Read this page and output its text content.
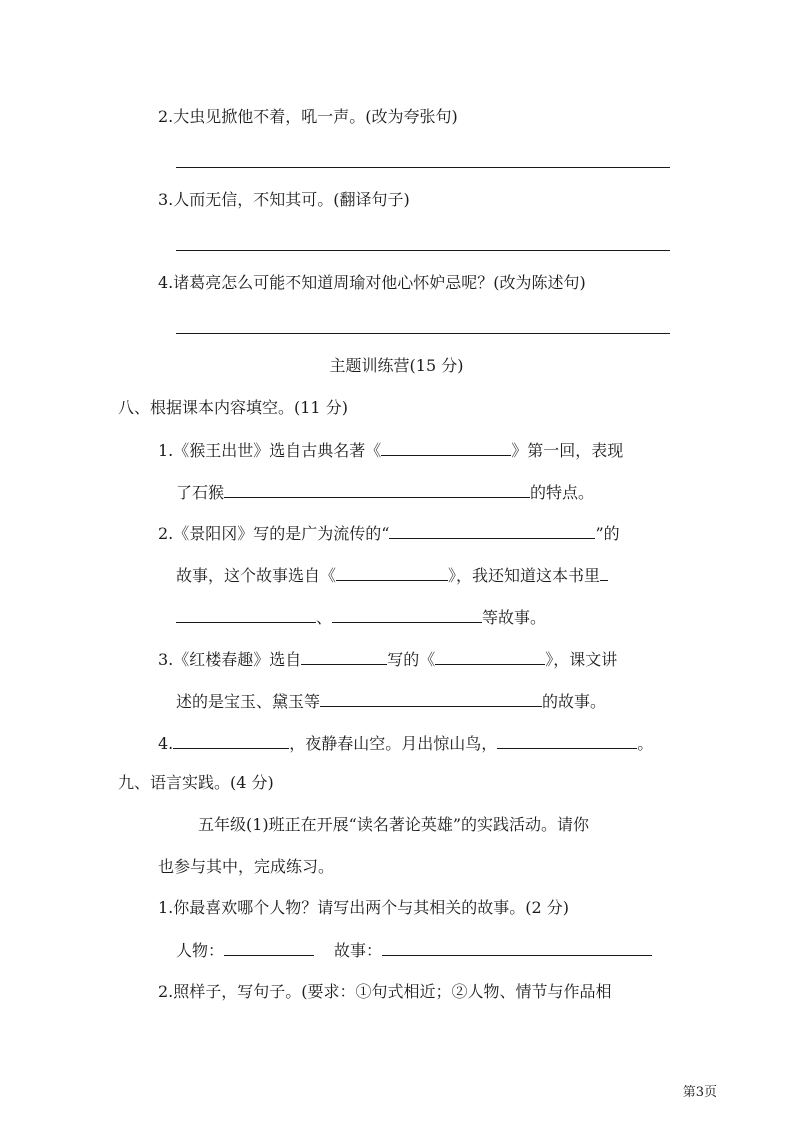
2.大虫见掀他不着，吼一声。(改为夸张句)
3.人而无信，不知其可。(翻译句子)
4.诸葛亮怎么可能不知道周瑜对他心怀妒忌呢？(改为陈述句)
主题训练营(15 分)
八、根据课本内容填空。(11 分)
1.《猴王出世》选自古典名著《	》第一回，表现
了石猴	的特点。
2.《景阳冈》写的是广为流传的“	”的
故事，这个故事选自《	》，我还知道这本书里
、	等故事。
3.《红楼春趣》选自	写的《	》，课文讲
述的是宝玉、黛玉等	的故事。
4.	，夜静春山空。月出惊山鸟，	。
九、语言实践。(4 分)
五年级(1)班正在开展“读名著论英雄”的实践活动。请你
也参与其中，完成练习。
1.你最喜欢哪个人物？请写出两个与其相关的故事。(2 分)
人物：	故事：
2.照样子，写句子。(要求：①句式相近；②人物、情节与作品相
第3页
